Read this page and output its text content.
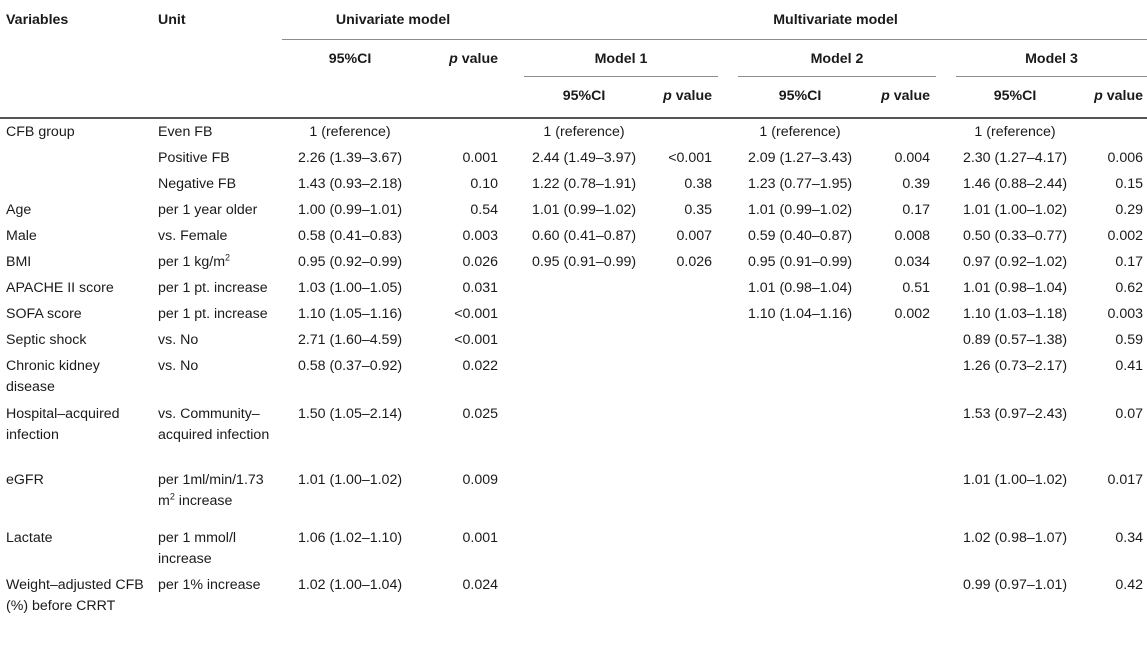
Variables	Unit	Univariate model		Multivariate model					
		95%CI	p value	Model 1		Model 2		Model 3	

				95%CI	p value	95%CI	p value	95%CI	p value
CFB group	Even FB	1 (reference)		1 (reference)		1 (reference)		1 (reference)	
	Positive FB	2.26 (1.39–3.67)	0.001	2.44 (1.49–3.97)	<0.001	2.09 (1.27–3.43)	0.004	2.30 (1.27–4.17)	0.006
	Negative FB	1.43 (0.93–2.18)	0.10	1.22 (0.78–1.91)	0.38	1.23 (0.77–1.95)	0.39	1.46 (0.88–2.44)	0.15
Age	per 1 year older	1.00 (0.99–1.01)	0.54	1.01 (0.99–1.02)	0.35	1.01 (0.99–1.02)	0.17	1.01 (1.00–1.02)	0.29
Male	vs. Female	0.58 (0.41–0.83)	0.003	0.60 (0.41–0.87)	0.007	0.59 (0.40–0.87)	0.008	0.50 (0.33–0.77)	0.002
BMI	per 1 $kg/m^2$	0.95 (0.92–0.99)	0.026	0.95 (0.91–0.99)	0.026	0.95 (0.91–0.99)	0.034	0.97 (0.92–1.02)	0.17
APACHE II score	per 1 pt. increase	1.03 (1.00–1.05)	0.031			1.01 (0.98–1.04)	0.51	1.01 (0.98–1.04)	0.62
SOFA score	per 1 pt. increase	1.10 (1.05–1.16)	<0.001			1.10 (1.04–1.16)	0.002	1.10 (1.03–1.18)	0.003
Septic shock	vs. No	2.71 (1.60–4.59)	<0.001					0.89 (0.57–1.38)	0.59
Chronic kidney disease	vs. No	0.58 (0.37–0.92)	0.022					1.26 (0.73–2.17)	0.41
Hospital–acquired infection	vs. Community– acquired infection	1.50 (1.05–2.14)	0.025					1.53 (0.97–2.43)	0.07
eGFR	per 1ml/min/1.73 $m^2$ increase	1.01 (1.00–1.02)	0.009					1.01 (1.00–1.02)	0.017
Lactate	per 1 mmol/l increase	1.06 (1.02–1.10)	0.001					1.02 (0.98–1.07)	0.34
Weight–adjusted CFB (%) before CRRT	per 1% increase	1.02 (1.00–1.04)	0.024					0.99 (0.97–1.01)	0.42
